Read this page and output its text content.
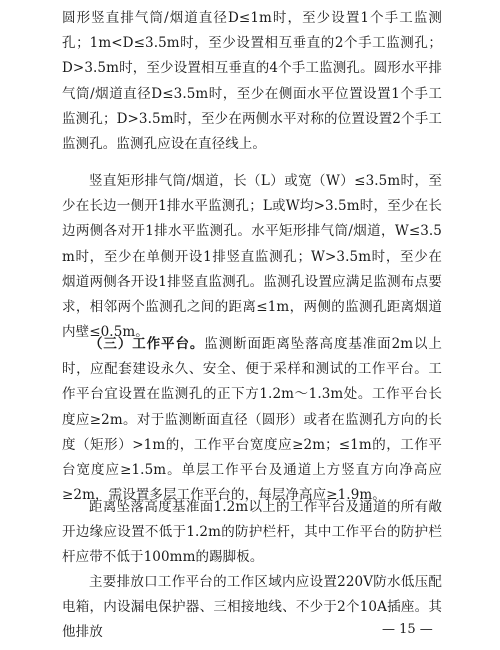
圆形竖直排气筒/烟道直径D≤1m时，至少设置1个手工监测孔；1m<D≤3.5m时，至少设置相互垂直的2个手工监测孔；D>3.5m时，至少设置相互垂直的4个手工监测孔。圆形水平排气筒/烟道直径D≤3.5m时，至少在侧面水平位置设置1个手工监测孔；D>3.5m时，至少在两侧水平对称的位置设置2个手工监测孔。监测孔应设在直径线上。

竖直矩形排气筒/烟道，长（L）或宽（W）≤3.5m时，至少在长边一侧开1排水平监测孔；L或W均>3.5m时，至少在长边两侧各对开1排水平监测孔。水平矩形排气筒/烟道，W≤3.5 m时，至少在单侧开设1排竖直监测孔；W>3.5m时，至少在烟道两侧各开设1排竖直监测孔。监测孔设置应满足监测布点要求，相邻两个监测孔之间的距离≤1m，两侧的监测孔距离烟道内壁≤0.5m。

（三）工作平台。监测断面距离坠落高度基准面2m以上时，应配套建设永久、安全、便于采样和测试的工作平台。工作平台宜设置在监测孔的正下方1.2m～1.3m处。工作平台长度应≥2m。对于监测断面直径（圆形）或者在监测孔方向的长度（矩形）>1m的，工作平台宽度应≥2m；≤1m的，工作平台宽度应≥1.5m。单层工作平台及通道上方竖直方向净高应≥2m，需设置多层工作平台的，每层净高应≥1.9m。

距离坠落高度基准面1.2m以上的工作平台及通道的所有敞开边缘应设置不低于1.2m的防护栏杆，其中工作平台的防护栏杆应带不低于100mm的踢脚板。

主要排放口工作平台的工作区域内应设置220V防水低压配电箱，内设漏电保护器、三相接地线、不少于2个10A插座。其他排放	— 15 —
